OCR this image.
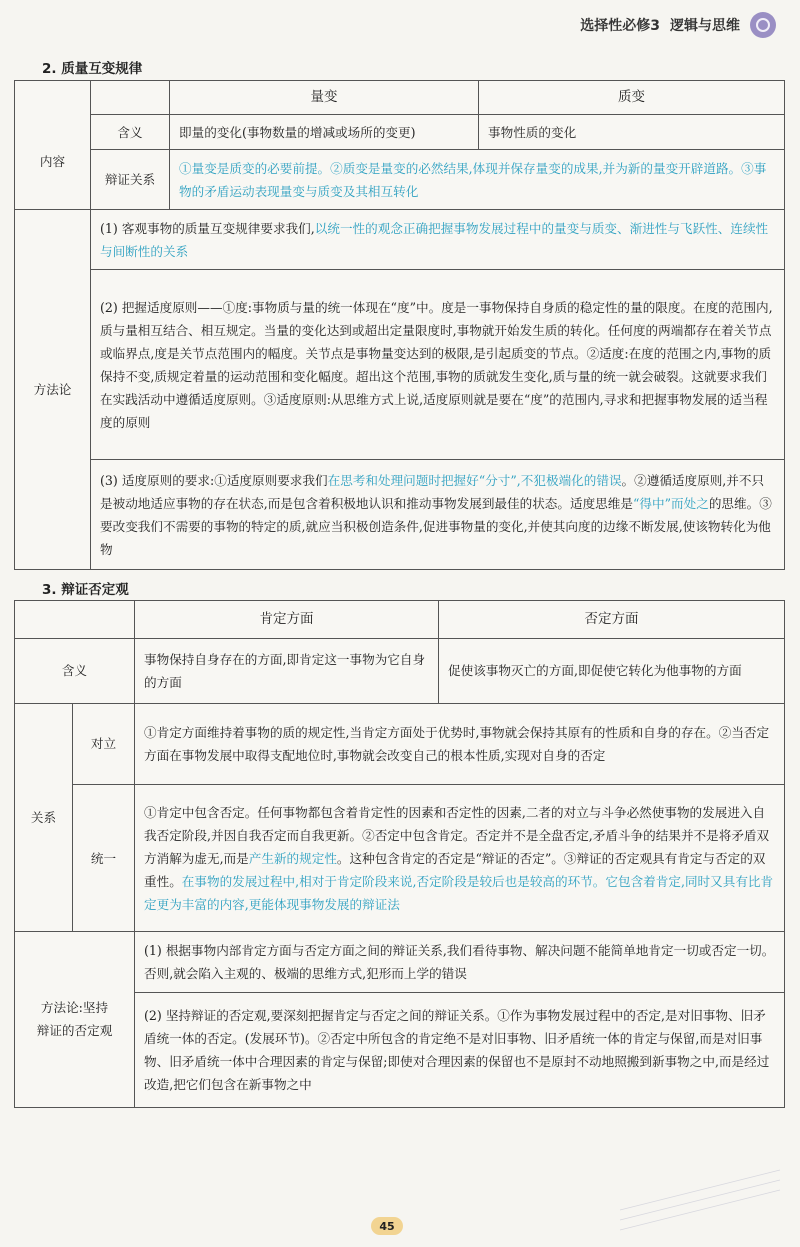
选择性必修3 逻辑与思维
2. 质量互变规律
		量变	质变
内容	含义	即量的变化(事物数量的增减或场所的变更)	事物性质的变化
	辩证关系	①量变是质变的必要前提。②质变是量变的必然结果,体现并保存量变的成果,并为新的量变开辟道路。③事物的矛盾运动表现量变与质变及其相互转化	
方法论	(1) 客观事物的质量互变规律要求我们,以统一性的观念正确把握事物发展过程中的量变与质变、渐进性与飞跃性、连续性与间断性的关系		
	(2) 把握适度原则——①度:事物质与量的统一体现在“度”中。度是一事物保持自身质的稳定性的量的限度。在度的范围内,质与量相互结合、相互规定。当量的变化达到或超出定量限度时,事物就开始发生质的转化。任何度的两端都存在着关节点或临界点,度是关节点范围内的幅度。关节点是事物量变达到的极限,是引起质变的节点。②适度:在度的范围之内,事物的质保持不变,质规定着量的运动范围和变化幅度。超出这个范围,事物的质就发生变化,质与量的统一就会破裂。这就要求我们在实践活动中遵循适度原则。③适度原则:从思维方式上说,适度原则就是要在“度”的范围内,寻求和把握事物发展的适当程度的原则		
	(3) 适度原则的要求:①适度原则要求我们在思考和处理问题时把握好“分寸”,不犯极端化的错误。②遵循适度原则,并不只是被动地适应事物的存在状态,而是包含着积极地认识和推动事物发展到最佳的状态。适度思维是“得中”而处之的思维。③要改变我们不需要的事物的特定的质,就应当积极创造条件,促进事物量的变化,并使其向度的边缘不断发展,使该物转化为他物		
3. 辩证否定观
		肯定方面	否定方面
含义		事物保持自身存在的方面,即肯定这一事物为它自身的方面	促使该事物灭亡的方面,即促使它转化为他事物的方面
关系	对立	①肯定方面维持着事物的质的规定性,当肯定方面处于优势时,事物就会保持其原有的性质和自身的存在。②当否定方面在事物发展中取得支配地位时,事物就会改变自己的根本性质,实现对自身的否定	
	统一	①肯定中包含否定。任何事物都包含着肯定性的因素和否定性的因素,二者的对立与斗争必然使事物的发展进入自我否定阶段,并因自我否定而自我更新。②否定中包含肯定。否定并不是全盘否定,矛盾斗争的结果并不是将矛盾双方消解为虚无,而是产生新的规定性。这种包含肯定的否定是“辩证的否定”。③辩证的否定观具有肯定与否定的双重性。在事物的发展过程中,相对于肯定阶段来说,否定阶段是较后也是较高的环节。它包含着肯定,同时又具有比肯定更为丰富的内容,更能体现事物发展的辩证法	
方法论:坚持
辩证的否定观		(1) 根据事物内部肯定方面与否定方面之间的辩证关系,我们看待事物、解决问题不能简单地肯定一切或否定一切。否则,就会陷入主观的、极端的思维方式,犯形而上学的错误	
		(2) 坚持辩证的否定观,要深刻把握肯定与否定之间的辩证关系。①作为事物发展过程中的否定,是对旧事物、旧矛盾统一体的否定。(发展环节)。②否定中所包含的肯定绝不是对旧事物、旧矛盾统一体的肯定与保留,而是对旧事物、旧矛盾统一体中合理因素的肯定与保留;即使对合理因素的保留也不是原封不动地照搬到新事物之中,而是经过改造,把它们包含在新事物之中	
45
